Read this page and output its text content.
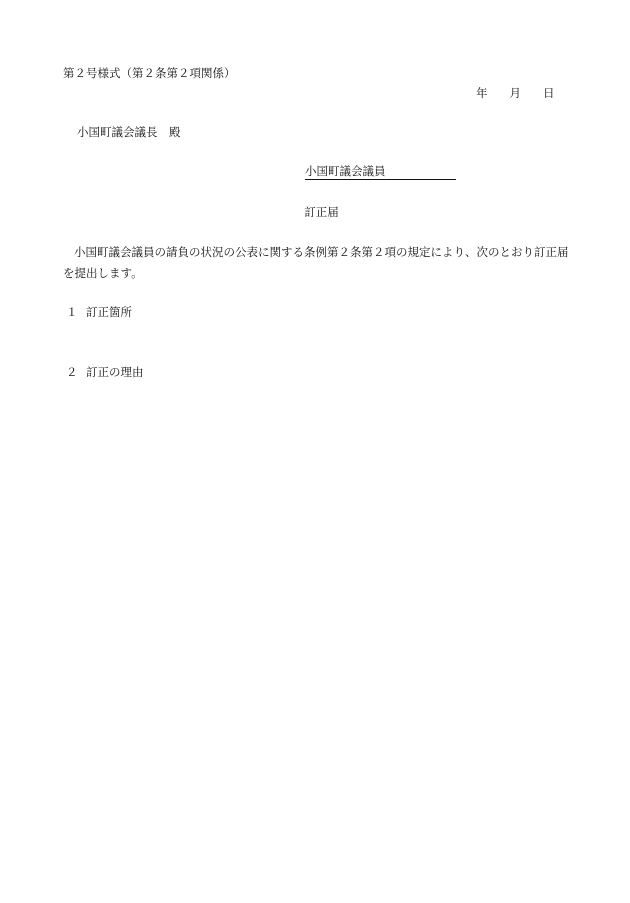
第２号様式（第２条第２項関係）
年 月 日
小国町議会議長　殿
小国町議会議員
訂正届
小国町議会議員の請負の状況の公表に関する条例第２条第２項の規定により、次のとおり訂正届を提出します。
１ 訂正箇所
２ 訂正の理由
